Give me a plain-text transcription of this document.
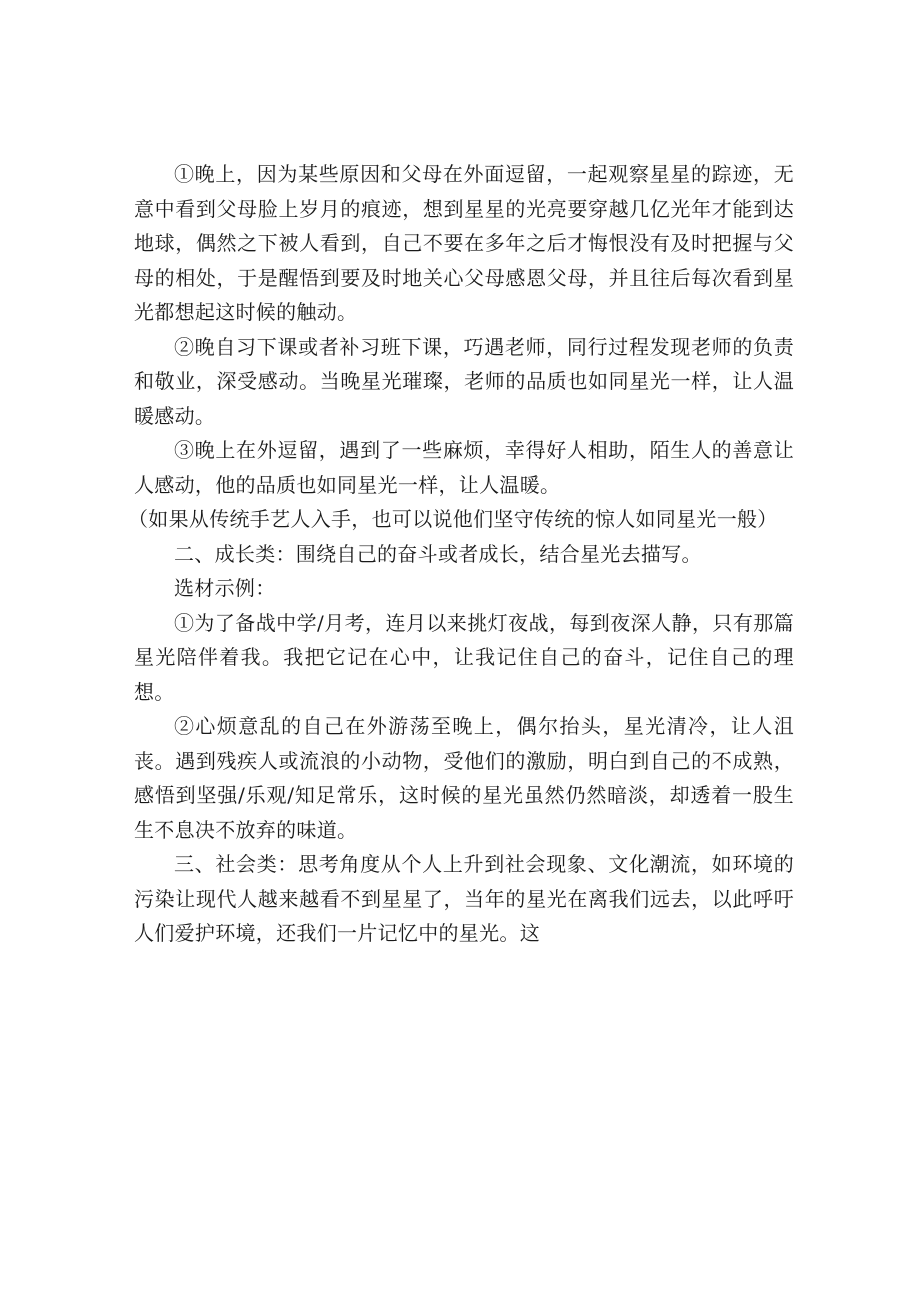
①晚上，因为某些原因和父母在外面逗留，一起观察星星的踪迹，无意中看到父母脸上岁月的痕迹，想到星星的光亮要穿越几亿光年才能到达地球，偶然之下被人看到，自己不要在多年之后才悔恨没有及时把握与父母的相处，于是醒悟到要及时地关心父母感恩父母，并且往后每次看到星光都想起这时候的触动。

②晚自习下课或者补习班下课，巧遇老师，同行过程发现老师的负责和敬业，深受感动。当晚星光璀璨，老师的品质也如同星光一样，让人温暖感动。

③晚上在外逗留，遇到了一些麻烦，幸得好人相助，陌生人的善意让人感动，他的品质也如同星光一样，让人温暖。

（如果从传统手艺人入手，也可以说他们坚守传统的惊人如同星光一般）

二、成长类：围绕自己的奋斗或者成长，结合星光去描写。

选材示例：

①为了备战中学/月考，连月以来挑灯夜战，每到夜深人静，只有那篇星光陪伴着我。我把它记在心中，让我记住自己的奋斗，记住自己的理想。

②心烦意乱的自己在外游荡至晚上，偶尔抬头，星光清冷，让人沮丧。遇到残疾人或流浪的小动物，受他们的激励，明白到自己的不成熟，感悟到坚强/乐观/知足常乐，这时候的星光虽然仍然暗淡，却透着一股生生不息决不放弃的味道。

三、社会类：思考角度从个人上升到社会现象、文化潮流，如环境的污染让现代人越来越看不到星星了，当年的星光在离我们远去，以此呼吁人们爱护环境，还我们一片记忆中的星光。这
